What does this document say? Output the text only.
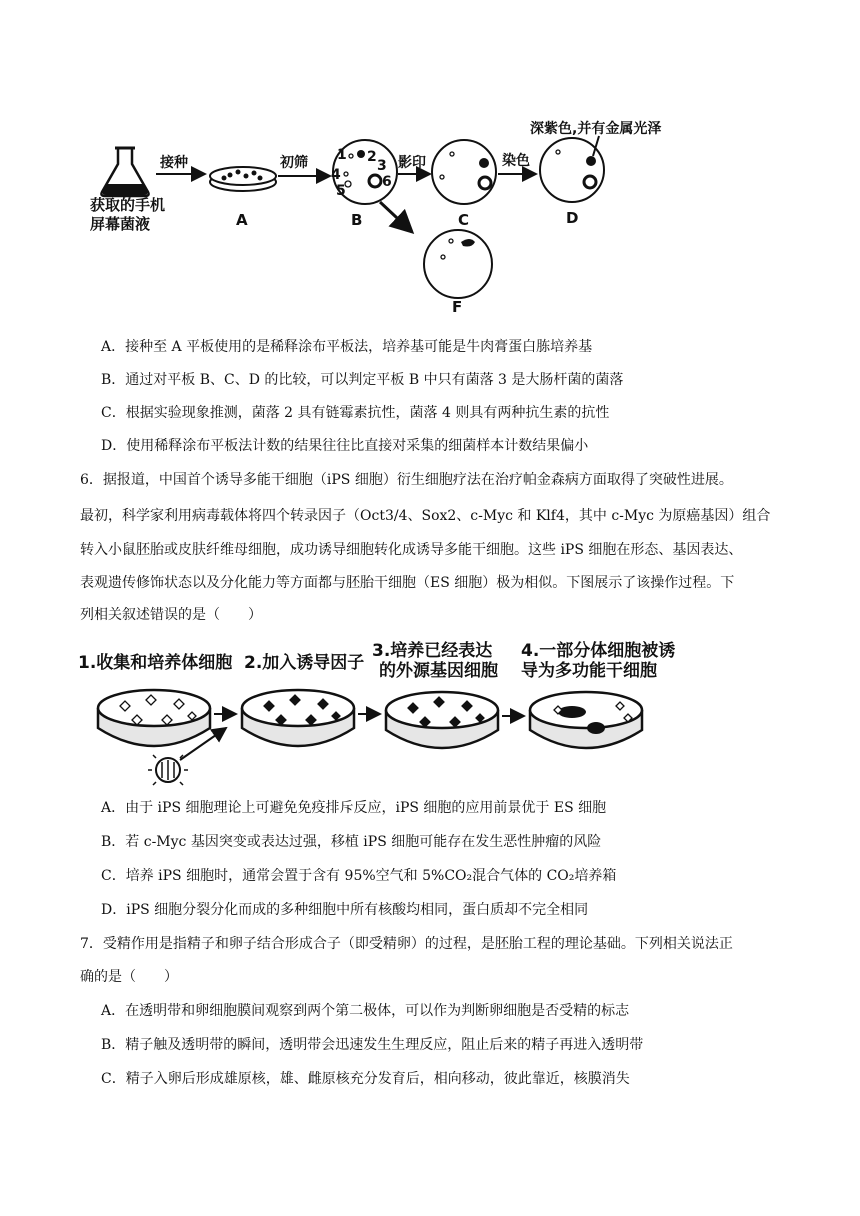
获取的手机
屏幕菌液
接种
A
初筛 1 2
3
4
5
6
B
影印
C
染色
深紫色,并有金属光泽
D
F
A．接种至 A 平板使用的是稀释涂布平板法，培养基可能是牛肉膏蛋白胨培养基
B．通过对平板 B、C、D 的比较，可以判定平板 B 中只有菌落 3 是大肠杆菌的菌落
C．根据实验现象推测，菌落 2 具有链霉素抗性，菌落 4 则具有两种抗生素的抗性
D．使用稀释涂布平板法计数的结果往往比直接对采集的细菌样本计数结果偏小
6．据报道，中国首个诱导多能干细胞（iPS 细胞）衍生细胞疗法在治疗帕金森病方面取得了突破性进展。
最初，科学家利用病毒载体将四个转录因子（Oct3/4、Sox2、c-Myc 和 Klf4，其中 c-Myc 为原癌基因）组合
转入小鼠胚胎或皮肤纤维母细胞，成功诱导细胞转化成诱导多能干细胞。这些 iPS 细胞在形态、基因表达、
表观遗传修饰状态以及分化能力等方面都与胚胎干细胞（ES 细胞）极为相似。下图展示了该操作过程。下
列相关叙述错误的是（　　）
1.收集和培养体细胞 2.加入诱导因子
3.培养已经表达
的外源基因细胞
4.一部分体细胞被诱
导为多功能干细胞
A．由于 iPS 细胞理论上可避免免疫排斥反应，iPS 细胞的应用前景优于 ES 细胞
B．若 c-Myc 基因突变或表达过强，移植 iPS 细胞可能存在发生恶性肿瘤的风险
C．培养 iPS 细胞时，通常会置于含有 95%空气和 5%CO₂混合气体的 CO₂培养箱
D．iPS 细胞分裂分化而成的多种细胞中所有核酸均相同，蛋白质却不完全相同
7．受精作用是指精子和卵子结合形成合子（即受精卵）的过程，是胚胎工程的理论基础。下列相关说法正
确的是（　　）
A．在透明带和卵细胞膜间观察到两个第二极体，可以作为判断卵细胞是否受精的标志
B．精子触及透明带的瞬间，透明带会迅速发生生理反应，阻止后来的精子再进入透明带
C．精子入卵后形成雄原核，雄、雌原核充分发育后，相向移动，彼此靠近，核膜消失
